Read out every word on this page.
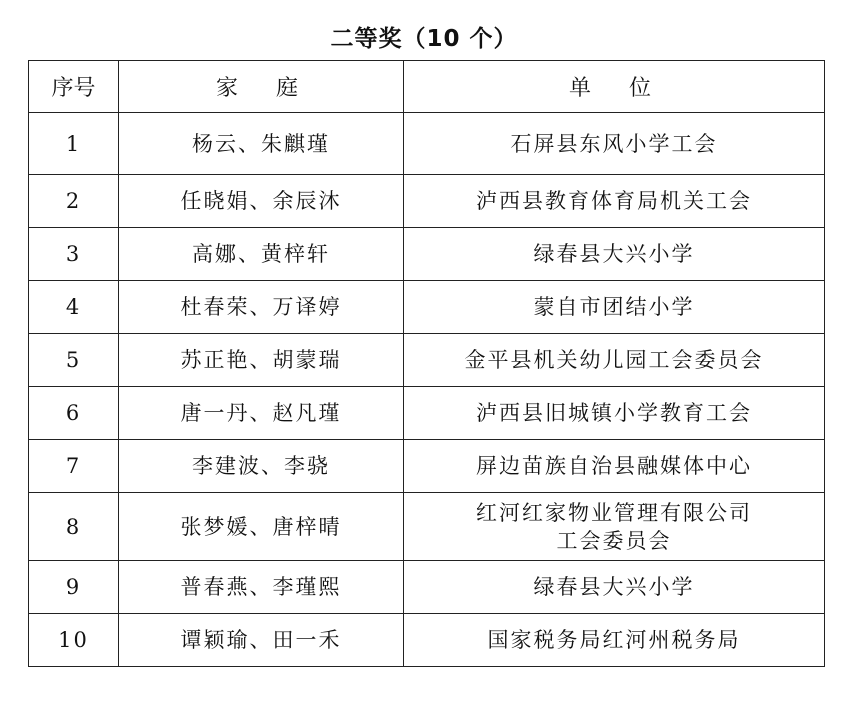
二等奖（10 个）
序号	家　庭	单　位
1	杨云、朱麒瑾	石屏县东风小学工会
2	任晓娟、余辰沐	泸西县教育体育局机关工会
3	高娜、黄梓轩	绿春县大兴小学
4	杜春荣、万译婷	蒙自市团结小学
5	苏正艳、胡蒙瑞	金平县机关幼儿园工会委员会
6	唐一丹、赵凡瑾	泸西县旧城镇小学教育工会
7	李建波、李骁	屏边苗族自治县融媒体中心
8	张梦媛、唐梓晴	红河红家物业管理有限公司
工会委员会

9	普春燕、李瑾熙	绿春县大兴小学
10	谭颖瑜、田一禾	国家税务局红河州税务局
